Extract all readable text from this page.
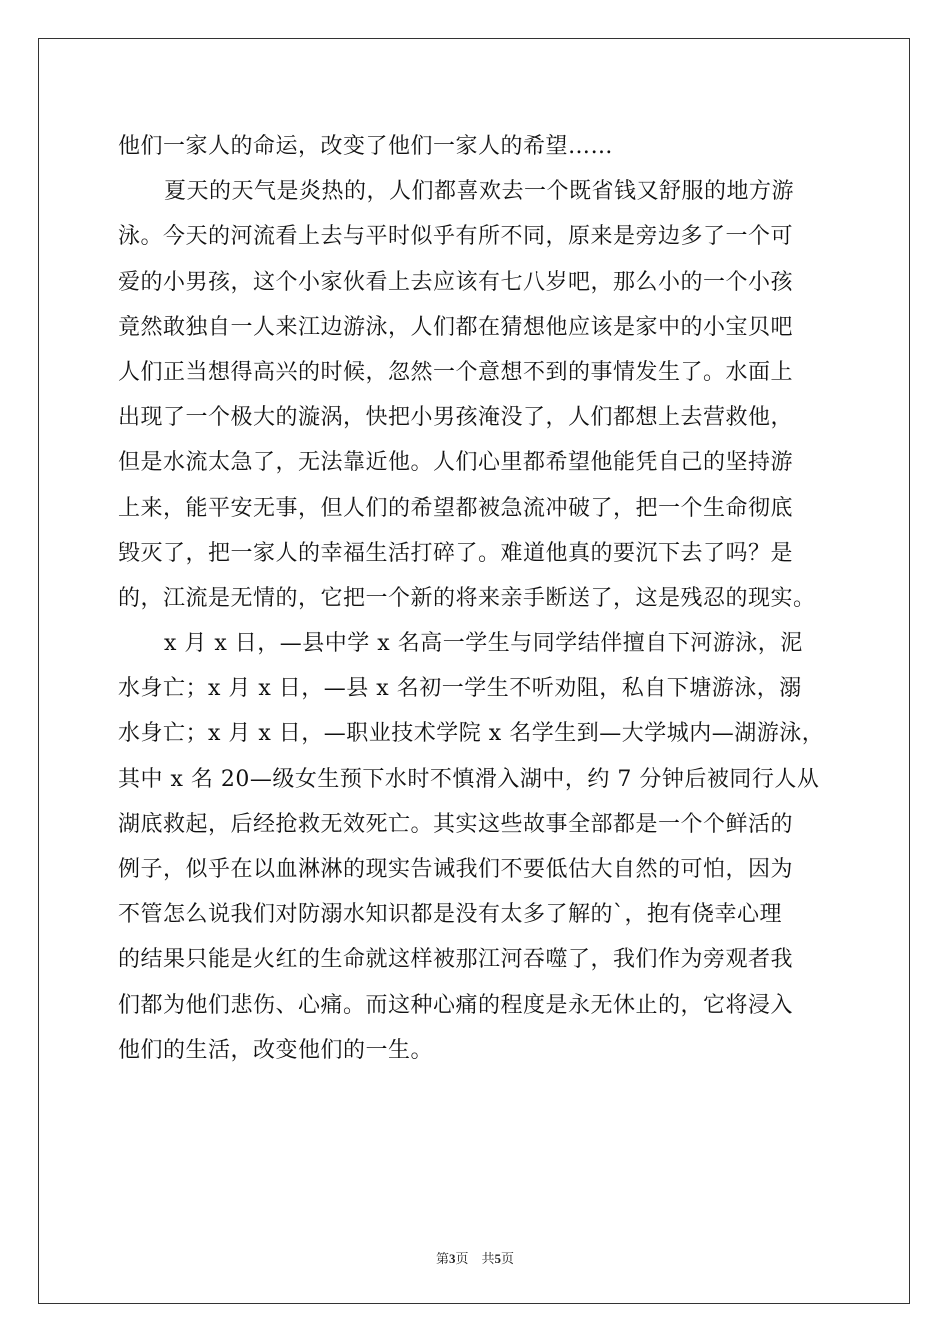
他们一家人的命运，改变了他们一家人的希望……
夏天的天气是炎热的，人们都喜欢去一个既省钱又舒服的地方游
泳。今天的河流看上去与平时似乎有所不同，原来是旁边多了一个可
爱的小男孩，这个小家伙看上去应该有七八岁吧，那么小的一个小孩
竟然敢独自一人来江边游泳，人们都在猜想他应该是家中的小宝贝吧
人们正当想得高兴的时候，忽然一个意想不到的事情发生了。水面上
出现了一个极大的漩涡，快把小男孩淹没了，人们都想上去营救他，
但是水流太急了，无法靠近他。人们心里都希望他能凭自己的坚持游
上来，能平安无事，但人们的希望都被急流冲破了，把一个生命彻底
毁灭了，把一家人的幸福生活打碎了。难道他真的要沉下去了吗？是
的，江流是无情的，它把一个新的将来亲手断送了，这是残忍的现实。
x 月 x 日，—县中学 x 名高一学生与同学结伴擅自下河游泳，泥
水身亡；x 月 x 日，—县 x 名初一学生不听劝阻，私自下塘游泳，溺
水身亡；x 月 x 日，—职业技术学院 x 名学生到—大学城内—湖游泳，
其中 x 名 20—级女生预下水时不慎滑入湖中，约 7 分钟后被同行人从
湖底救起，后经抢救无效死亡。其实这些故事全部都是一个个鲜活的
例子，似乎在以血淋淋的现实告诫我们不要低估大自然的可怕，因为
不管怎么说我们对防溺水知识都是没有太多了解的`，抱有侥幸心理
的结果只能是火红的生命就这样被那江河吞噬了，我们作为旁观者我
们都为他们悲伤、心痛。而这种心痛的程度是永无休止的，它将浸入
他们的生活，改变他们的一生。
第3页　共5页
